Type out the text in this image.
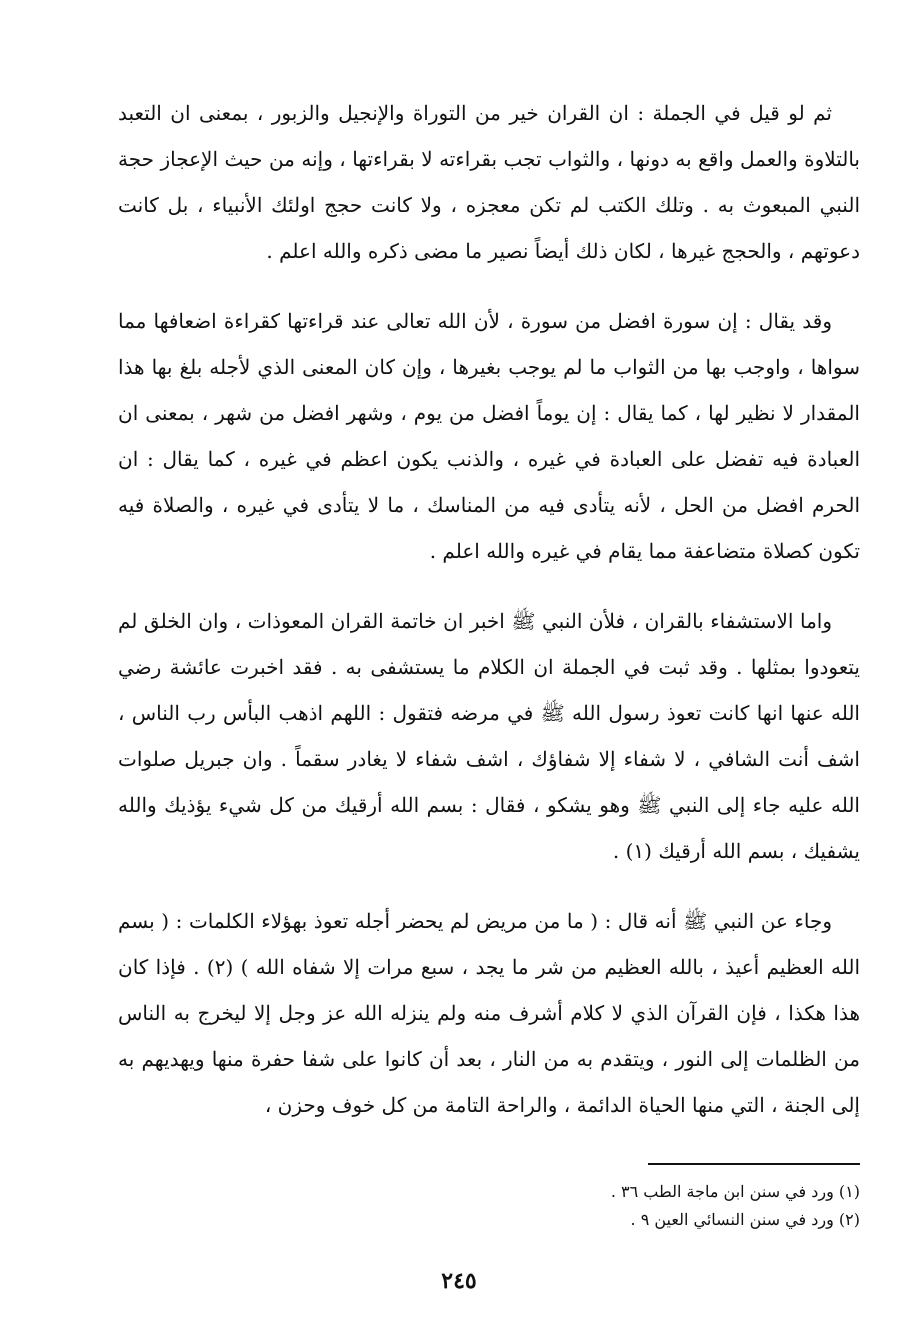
ثم لو قيل في الجملة : ان القران خير من التوراة والإنجيل والزبور ، بمعنى ان التعبد بالتلاوة والعمل واقع به دونها ، والثواب تجب بقراءته لا بقراءتها ، وإنه من حيث الإعجاز حجة النبي المبعوث به . وتلك الكتب لم تكن معجزه ، ولا كانت حجج اولئك الأنبياء ، بل كانت دعوتهم ، والحجج غيرها ، لكان ذلك أيضاً نصير ما مضى ذكره والله اعلم .

وقد يقال : إن سورة افضل من سورة ، لأن الله تعالى عند قراءتها كقراءة اضعافها مما سواها ، واوجب بها من الثواب ما لم يوجب بغيرها ، وإن كان المعنى الذي لأجله بلغ بها هذا المقدار لا نظير لها ، كما يقال : إن يوماً افضل من يوم ، وشهر افضل من شهر ، بمعنى ان العبادة فيه تفضل على العبادة في غيره ، والذنب يكون اعظم في غيره ، كما يقال : ان الحرم افضل من الحل ، لأنه يتأدى فيه من المناسك ، ما لا يتأدى في غيره ، والصلاة فيه تكون كصلاة متضاعفة مما يقام في غيره والله اعلم .

واما الاستشفاء بالقران ، فلأن النبي ﷺ اخبر ان خاتمة القران المعوذات ، وان الخلق لم يتعودوا بمثلها . وقد ثبت في الجملة ان الكلام ما يستشفى به . فقد اخبرت عائشة رضي الله عنها انها كانت تعوذ رسول الله ﷺ في مرضه فتقول : اللهم اذهب البأس رب الناس ، اشف أنت الشافي ، لا شفاء إلا شفاؤك ، اشف شفاء لا يغادر سقماً . وان جبريل صلوات الله عليه جاء إلى النبي ﷺ وهو يشكو ، فقال : بسم الله أرقيك من كل شيء يؤذيك والله يشفيك ، بسم الله أرقيك (١) .

وجاء عن النبي ﷺ أنه قال : ( ما من مريض لم يحضر أجله تعوذ بهؤلاء الكلمات : ( بسم الله العظيم أعيذ ، بالله العظيم من شر ما يجد ، سبع مرات إلا شفاه الله ) (٢) . فإذا كان هذا هكذا ، فإن القرآن الذي لا كلام أشرف منه ولم ينزله الله عز وجل إلا ليخرج به الناس من الظلمات إلى النور ، ويتقدم به من النار ، بعد أن كانوا على شفا حفرة منها ويهديهم به إلى الجنة ، التي منها الحياة الدائمة ، والراحة التامة من كل خوف وحزن ،

(١) ورد في سنن ابن ماجة الطب ٣٦ .

(٢) ورد في سنن النسائي العين ٩ .

٢٤٥
